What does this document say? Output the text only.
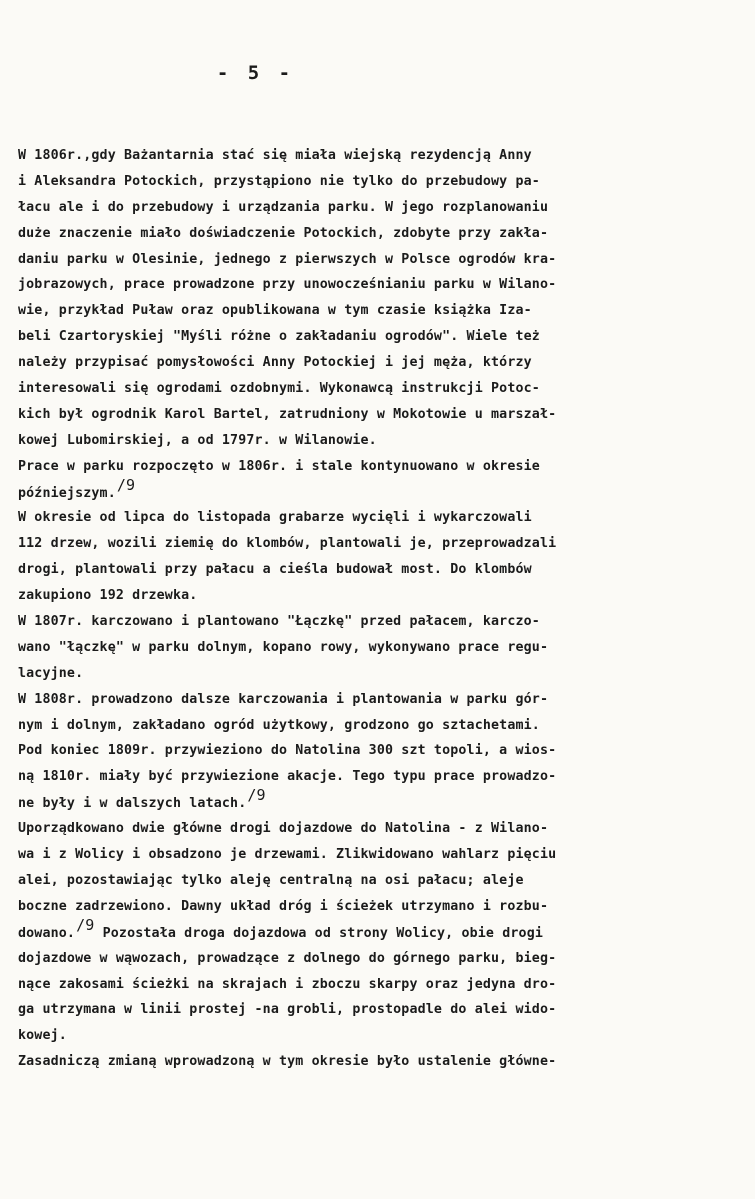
- 5 -
W 1806r.,gdy Bażantarnia stać się miała wiejską rezydencją Anny
i Aleksandra Potockich, przystąpiono nie tylko do przebudowy pa-
łacu ale i do przebudowy i urządzania parku. W jego rozplanowaniu
duże znaczenie miało doświadczenie Potockich, zdobyte przy zakła-
daniu parku w Olesinie, jednego z pierwszych w Polsce ogrodów kra-
jobrazowych, prace prowadzone przy unowocześnianiu parku w Wilano-
wie, przykład Puław oraz opublikowana w tym czasie książka Iza-
beli Czartoryskiej "Myśli różne o zakładaniu ogrodów". Wiele też
należy przypisać pomysłowości Anny Potockiej i jej męża, którzy
interesowali się ogrodami ozdobnymi. Wykonawcą instrukcji Potoc-
kich był ogrodnik Karol Bartel, zatrudniony w Mokotowie u marszał-
kowej Lubomirskiej, a od 1797r. w Wilanowie.
Prace w parku rozpoczęto w 1806r. i stale kontynuowano w okresie
późniejszym./9
W okresie od lipca do listopada grabarze wycięli i wykarczowali
112 drzew, wozili ziemię do klombów, plantowali je, przeprowadzali
drogi, plantowali przy pałacu a cieśla budował most. Do klombów
zakupiono 192 drzewka.
W 1807r. karczowano i plantowano "Łączkę" przed pałacem, karczo-
wano "łączkę" w parku dolnym, kopano rowy, wykonywano prace regu-
lacyjne.
W 1808r. prowadzono dalsze karczowania i plantowania w parku gór-
nym i dolnym, zakładano ogród użytkowy, grodzono go sztachetami.
Pod koniec 1809r. przywieziono do Natolina 300 szt topoli, a wios-
ną 1810r. miały być przywiezione akacje. Tego typu prace prowadzo-
ne były i w dalszych latach./9
Uporządkowano dwie główne drogi dojazdowe do Natolina - z Wilano-
wa i z Wolicy i obsadzono je drzewami. Zlikwidowano wahlarz pięciu
alei, pozostawiając tylko aleję centralną na osi pałacu; aleje
boczne zadrzewiono. Dawny układ dróg i ścieżek utrzymano i rozbu-
dowano./9 Pozostała droga dojazdowa od strony Wolicy, obie drogi
dojazdowe w wąwozach, prowadzące z dolnego do górnego parku, bieg-
nące zakosami ścieżki na skrajach i zboczu skarpy oraz jedyna dro-
ga utrzymana w linii prostej -na grobli, prostopadle do alei wido-
kowej.
Zasadniczą zmianą wprowadzoną w tym okresie było ustalenie główne-
